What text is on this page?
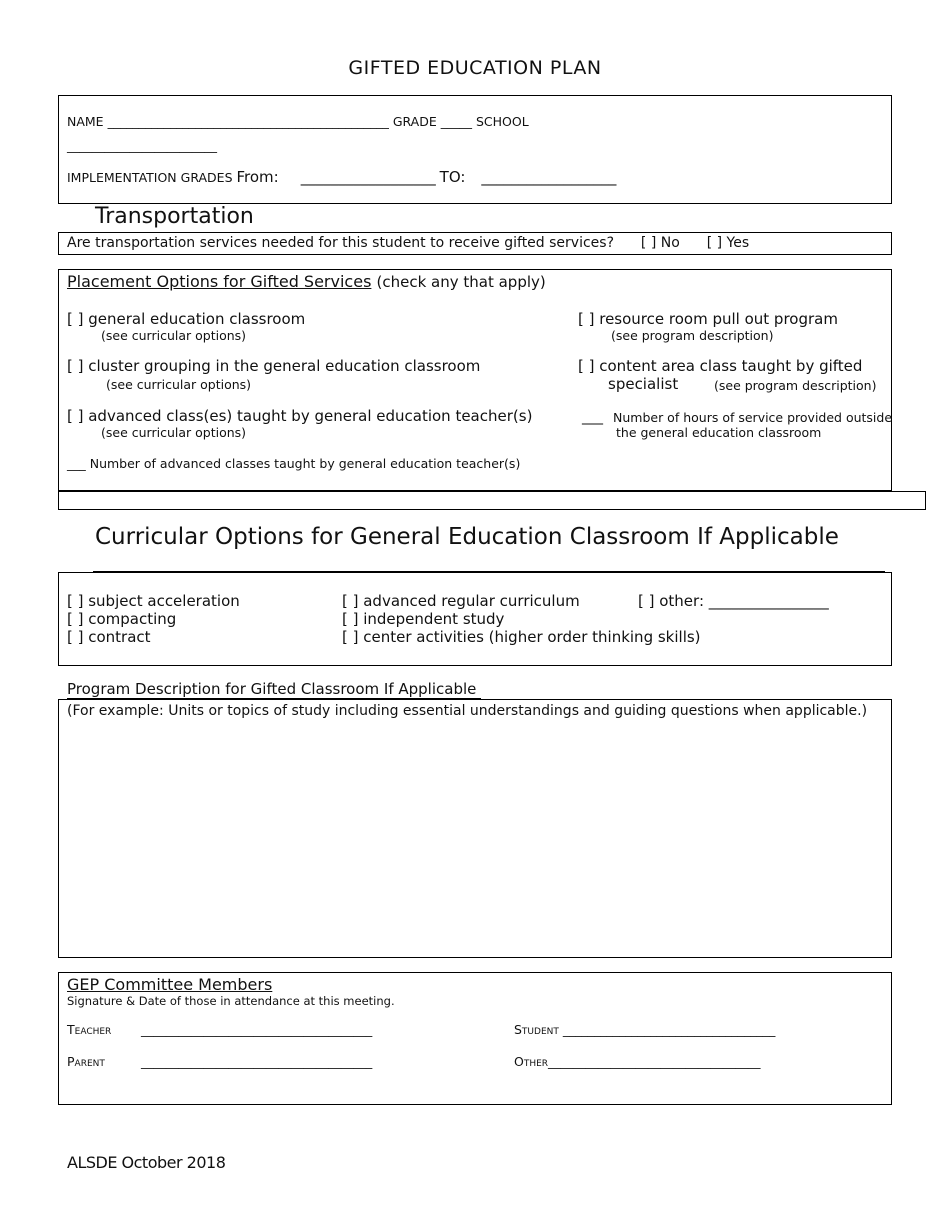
GIFTED EDUCATION PLAN
NAME _____________________________________________ GRADE _____ SCHOOL
________________________
IMPLEMENTATION GRADES From: __________________ TO: __________________
Transportation
Are transportation services needed for this student to receive gifted services? [ ] No [ ] Yes
Placement Options for Gifted Services (check any that apply)
[ ] general education classroom
(see curricular options)
[ ] cluster grouping in the general education classroom
(see curricular options)
[ ] advanced class(es) taught by general education teacher(s)
(see curricular options)
___ Number of advanced classes taught by general education teacher(s)
[ ] resource room pull out program
(see program description)
[ ] content area class taught by gifted
specialist	(see program description)
___ Number of hours of service provided outside
the general education classroom
Curricular Options for General Education Classroom If Applicable
[ ] subject acceleration
[ ] compacting
[ ] contract
[ ] advanced regular curriculum
[ ] independent study
[ ] center activities (higher order thinking skills)
[ ] other: ________________
Program Description for Gifted Classroom If Applicable
(For example: Units or topics of study including essential understandings and guiding questions when applicable.)
GEP Committee Members
Signature & Date of those in attendance at this meeting.
Teacher _____________________________________
Parent	_____________________________________
Student __________________________________
Other__________________________________
ALSDE October 2018
